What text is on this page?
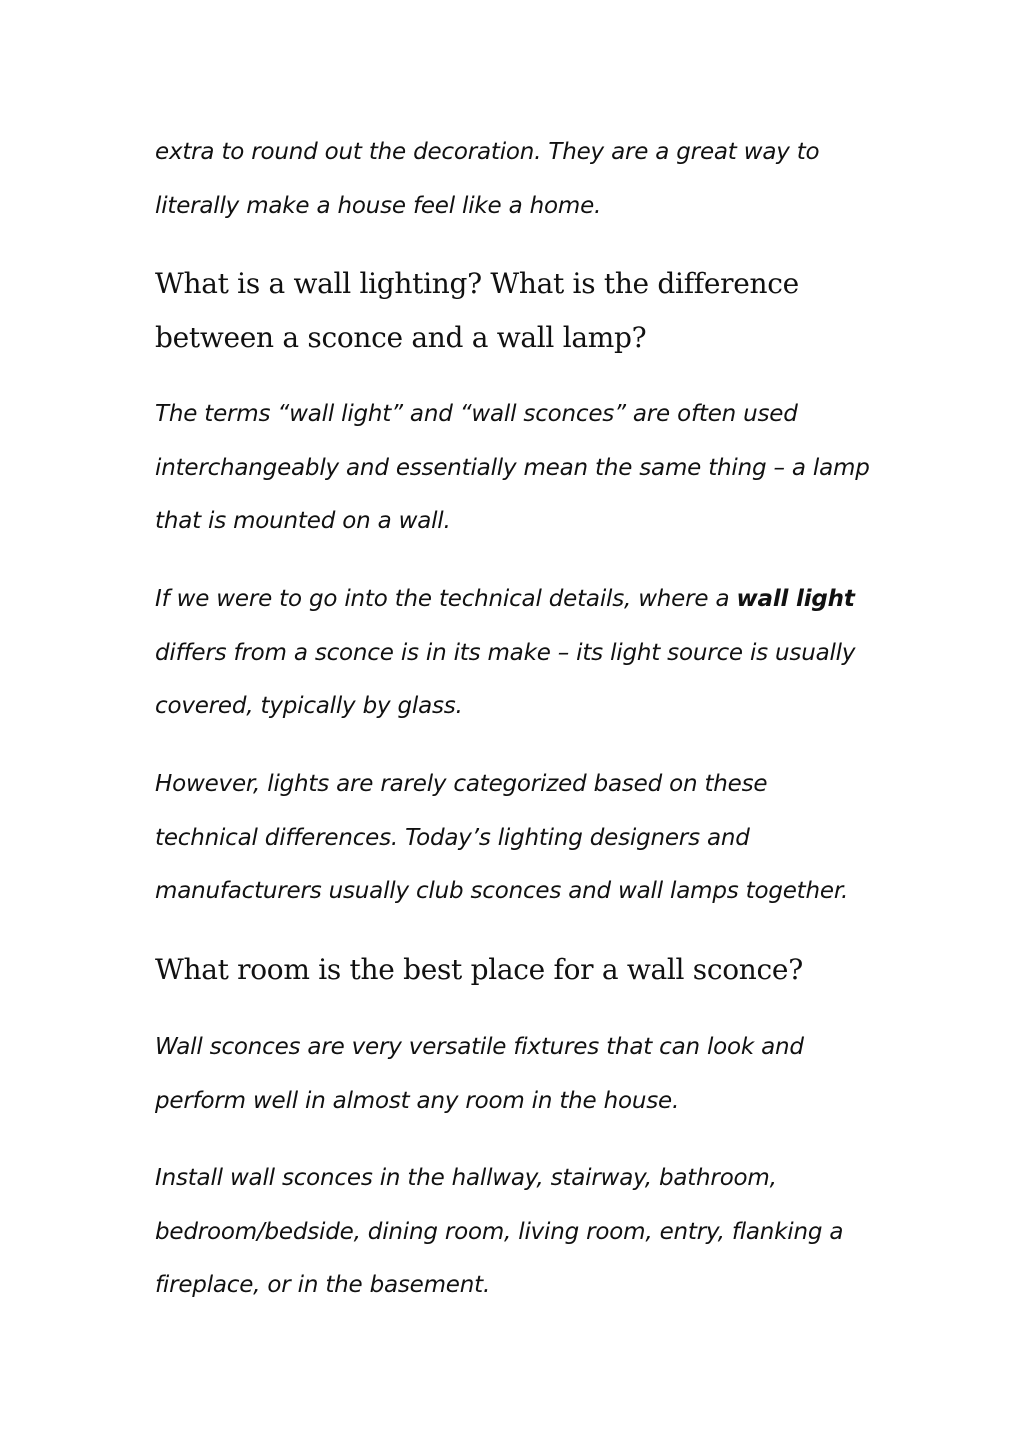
extra to round out the decoration. They are a great way to literally make a house feel like a home.

What is a wall lighting? What is the difference between a sconce and a wall lamp?

The terms “wall light” and “wall sconces” are often used interchangeably and essentially mean the same thing – a lamp that is mounted on a wall.

If we were to go into the technical details, where a wall light differs from a sconce is in its make – its light source is usually covered, typically by glass.

However, lights are rarely categorized based on these technical differences. Today’s lighting designers and manufacturers usually club sconces and wall lamps together.

What room is the best place for a wall sconce?

Wall sconces are very versatile fixtures that can look and perform well in almost any room in the house.

Install wall sconces in the hallway, stairway, bathroom, bedroom/bedside, dining room, living room, entry, flanking a fireplace, or in the basement.
